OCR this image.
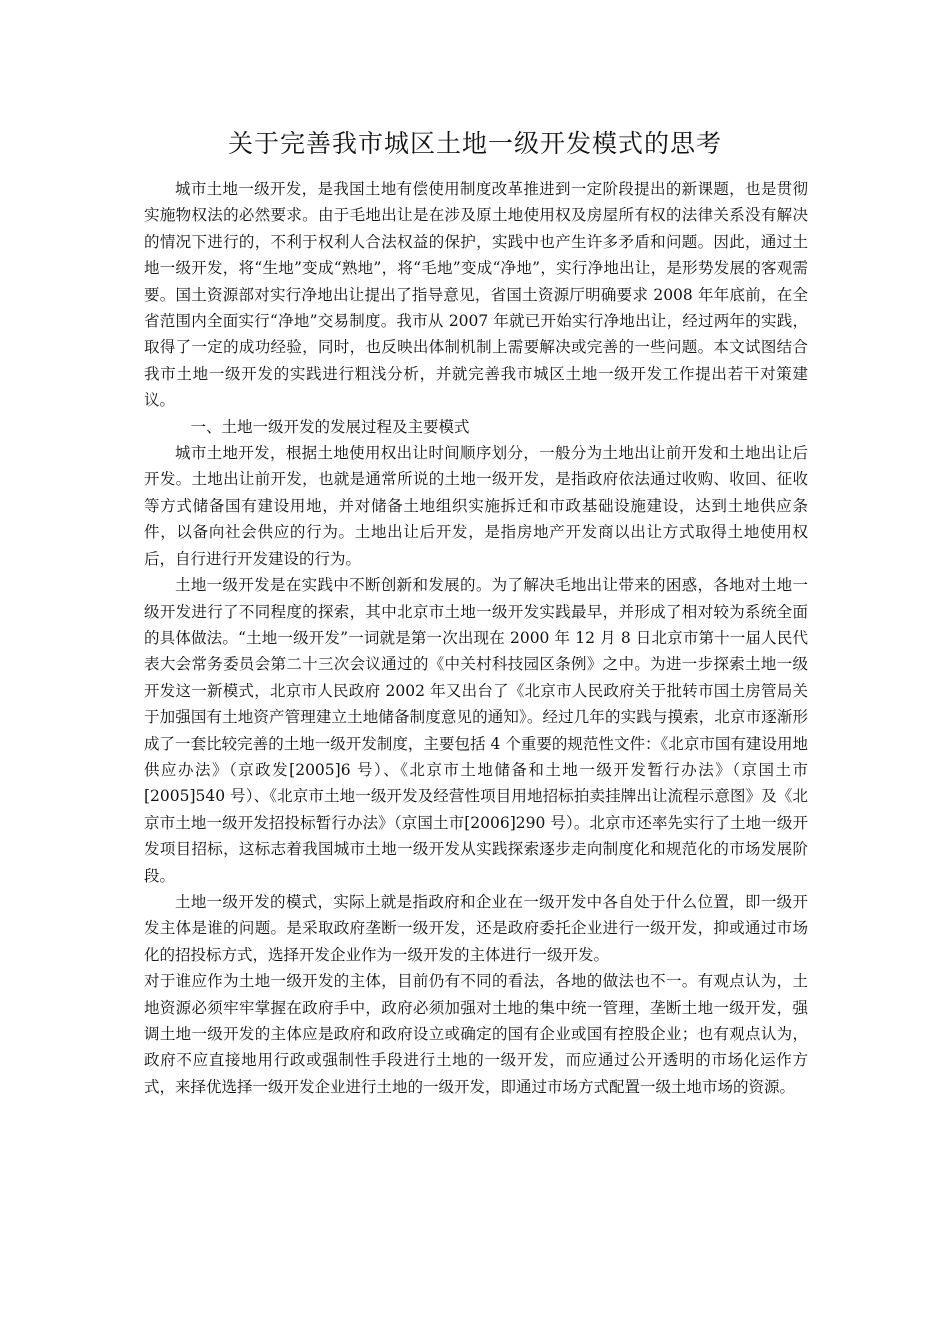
关于完善我市城区土地一级开发模式的思考

城市土地一级开发，是我国土地有偿使用制度改革推进到一定阶段提出的新课题，也是贯彻实施物权法的必然要求。由于毛地出让是在涉及原土地使用权及房屋所有权的法律关系没有解决的情况下进行的，不利于权利人合法权益的保护，实践中也产生许多矛盾和问题。因此，通过土地一级开发，将“生地”变成“熟地”，将“毛地”变成“净地”，实行净地出让，是形势发展的客观需要。国土资源部对实行净地出让提出了指导意见，省国土资源厅明确要求 2008 年年底前，在全省范围内全面实行“净地”交易制度。我市从 2007 年就已开始实行净地出让，经过两年的实践，取得了一定的成功经验，同时，也反映出体制机制上需要解决或完善的一些问题。本文试图结合我市土地一级开发的实践进行粗浅分析，并就完善我市城区土地一级开发工作提出若干对策建议。

一、土地一级开发的发展过程及主要模式

城市土地开发，根据土地使用权出让时间顺序划分，一般分为土地出让前开发和土地出让后开发。土地出让前开发，也就是通常所说的土地一级开发，是指政府依法通过收购、收回、征收等方式储备国有建设用地，并对储备土地组织实施拆迁和市政基础设施建设，达到土地供应条件，以备向社会供应的行为。土地出让后开发，是指房地产开发商以出让方式取得土地使用权后，自行进行开发建设的行为。

土地一级开发是在实践中不断创新和发展的。为了解决毛地出让带来的困惑，各地对土地一级开发进行了不同程度的探索，其中北京市土地一级开发实践最早，并形成了相对较为系统全面的具体做法。“土地一级开发”一词就是第一次出现在 2000 年 12 月 8 日北京市第十一届人民代表大会常务委员会第二十三次会议通过的《中关村科技园区条例》之中。为进一步探索土地一级开发这一新模式，北京市人民政府 2002 年又出台了《北京市人民政府关于批转市国土房管局关于加强国有土地资产管理建立土地储备制度意见的通知》。经过几年的实践与摸索，北京市逐渐形成了一套比较完善的土地一级开发制度，主要包括 4 个重要的规范性文件：《北京市国有建设用地供应办法》（京政发[2005]6 号）、《北京市土地储备和土地一级开发暂行办法》（京国土市[2005]540 号）、《北京市土地一级开发及经营性项目用地招标拍卖挂牌出让流程示意图》及《北京市土地一级开发招投标暂行办法》（京国土市[2006]290 号）。北京市还率先实行了土地一级开发项目招标，这标志着我国城市土地一级开发从实践探索逐步走向制度化和规范化的市场发展阶段。

土地一级开发的模式，实际上就是指政府和企业在一级开发中各自处于什么位置，即一级开发主体是谁的问题。是采取政府垄断一级开发，还是政府委托企业进行一级开发，抑或通过市场化的招投标方式，选择开发企业作为一级开发的主体进行一级开发。

对于谁应作为土地一级开发的主体，目前仍有不同的看法，各地的做法也不一。有观点认为，土地资源必须牢牢掌握在政府手中，政府必须加强对土地的集中统一管理，垄断土地一级开发，强调土地一级开发的主体应是政府和政府设立或确定的国有企业或国有控股企业；也有观点认为，政府不应直接地用行政或强制性手段进行土地的一级开发，而应通过公开透明的市场化运作方式，来择优选择一级开发企业进行土地的一级开发，即通过市场方式配置一级土地市场的资源。
